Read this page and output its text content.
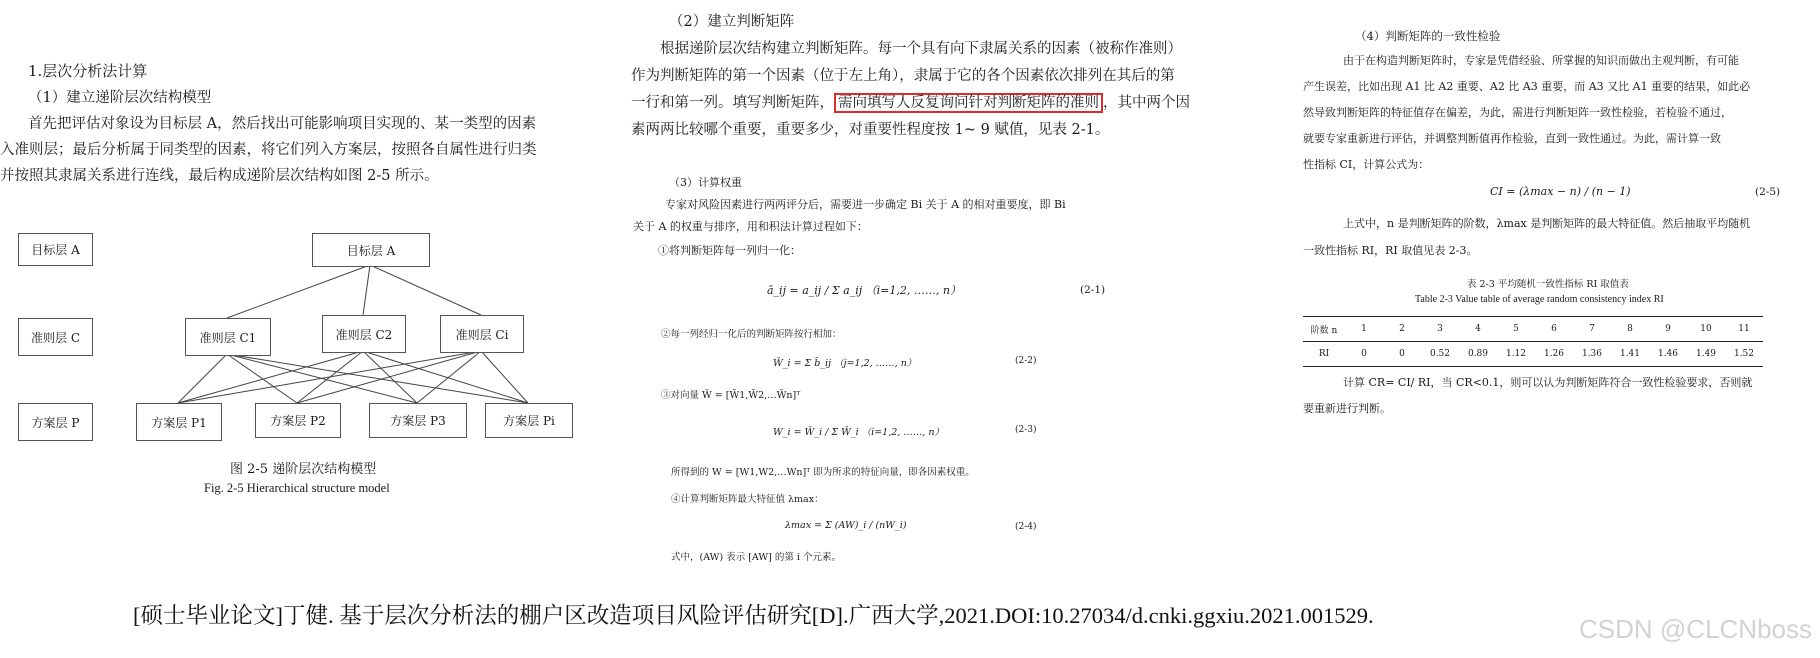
1.层次分析法计算
（1）建立递阶层次结构模型
首先把评估对象设为目标层 A，然后找出可能影响项目实现的、某一类型的因素
入准则层；最后分析属于同类型的因素，将它们列入方案层，按照各自属性进行归类
并按照其隶属关系进行连线，最后构成递阶层次结构如图 2-5 所示。
目标层 A
准则层 C
方案层 P
目标层 A
准则层 C1	准则层 C2	准则层 Ci
方案层 P1	方案层 P2	方案层 P3	方案层 Pi
图 2-5 递阶层次结构模型
Fig. 2-5 Hierarchical structure model
（2）建立判断矩阵
根据递阶层次结构建立判断矩阵。每一个具有向下隶属关系的因素（被称作准则）
作为判断矩阵的第一个因素（位于左上角），隶属于它的各个因素依次排列在其后的第
一行和第一列。填写判断矩阵， 需向填写人反复询问针对判断矩阵的准则 ，其中两个因
素两两比较哪个重要，重要多少，对重要性程度按 1~ 9 赋值，见表 2-1。
（3）计算权重
专家对风险因素进行两两评分后，需要进一步确定 Bi 关于 A 的相对重要度，即 Bi
关于 A 的权重与排序，用和积法计算过程如下：
①将判断矩阵每一列归一化：
ā_ij = a_ij / Σ a_ij （i=1,2, ……, n）	(2-1)
②每一列经归一化后的判断矩阵按行相加：
W̄_i = Σ b̄_ij （j=1,2, ……, n）	(2-2)
③对向量 W̄ = [W̄1,W̄2,…W̄n]ᵀ
W_i = W̄_i / Σ W̄_i （i=1,2, ……, n）	(2-3)
所得到的 W = [W1,W2,…Wn]ᵀ 即为所求的特征向量，即各因素权重。
④计算判断矩阵最大特征值 λmax：
λmax = Σ (AW)_i / (nW_i)	(2-4)
式中，(AW) 表示 [AW] 的第 i 个元素。
（4）判断矩阵的一致性检验
由于在构造判断矩阵时，专家是凭借经验、所掌握的知识而做出主观判断，有可能
产生误差，比如出现 A1 比 A2 重要、A2 比 A3 重要，而 A3 又比 A1 重要的结果，如此必
然导致判断矩阵的特征值存在偏差，为此，需进行判断矩阵一致性检验，若检验不通过，
就要专家重新进行评估，并调整判断值再作检验，直到一致性通过。为此，需计算一致
性指标 CI，计算公式为：
CI = (λmax − n) / (n − 1)	(2-5)
上式中，n 是判断矩阵的阶数，λmax 是判断矩阵的最大特征值。然后抽取平均随机
一致性指标 RI，RI 取值见表 2-3。
表 2-3 平均随机一致性指标 RI 取值表
Table 2-3 Value table of average random consistency index RI
阶数 n	1	2	3	4	5	6	7	8	9	10	11
RI	0	0	0.52	0.89	1.12	1.26	1.36	1.41	1.46	1.49	1.52
计算 CR= CI/ RI，当 CR<0.1，则可以认为判断矩阵符合一致性检验要求，否则就
要重新进行判断。
[硕士毕业论文]丁健. 基于层次分析法的棚户区改造项目风险评估研究[D].广西大学,2021.DOI:10.27034/d.cnki.ggxiu.2021.001529.	CSDN @CLCNboss
